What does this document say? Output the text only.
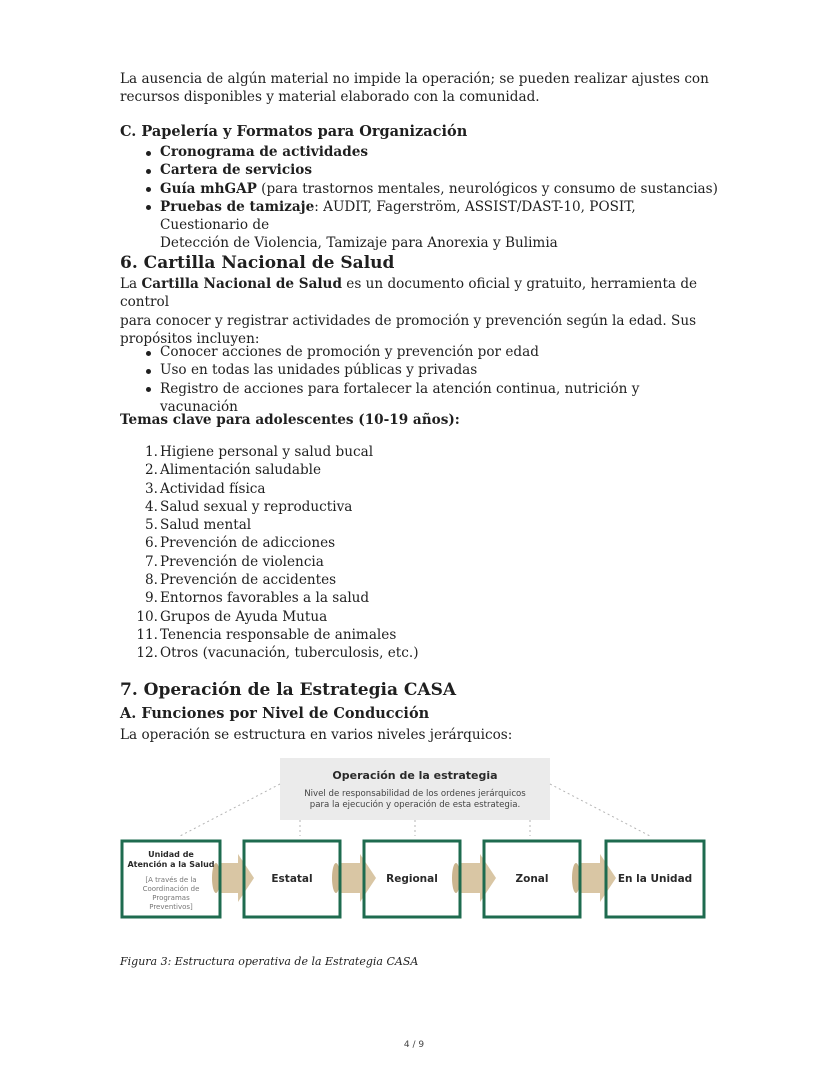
La ausencia de algún material no impide la operación; se pueden realizar ajustes con

recursos disponibles y material elaborado con la comunidad.

C. Papelería y Formatos para Organización
Cronograma de actividades
Cartera de servicios
Guía mhGAP (para trastornos mentales, neurológicos y consumo de sustancias)
Pruebas de tamizaje: AUDIT, Fagerström, ASSIST/DAST-10, POSIT, Cuestionario de
Detección de Violencia, Tamizaje para Anorexia y Bulimia
6. Cartilla Nacional de Salud

La Cartilla Nacional de Salud es un documento oficial y gratuito, herramienta de control

para conocer y registrar actividades de promoción y prevención según la edad. Sus

propósitos incluyen:

Conocer acciones de promoción y prevención por edad
Uso en todas las unidades públicas y privadas
Registro de acciones para fortalecer la atención continua, nutrición y vacunación
Temas clave para adolescentes (10-19 años):
1. Higiene personal y salud bucal
2. Alimentación saludable
3. Actividad física
4. Salud sexual y reproductiva
5. Salud mental
6. Prevención de adicciones
7. Prevención de violencia
8. Prevención de accidentes
9. Entornos favorables a la salud
10. Grupos de Ayuda Mutua
11. Tenencia responsable de animales
12. Otros (vacunación, tuberculosis, etc.)
7. Operación de la Estrategia CASA
A. Funciones por Nivel de Conducción
La operación se estructura en varios niveles jerárquicos:
Figura 3: Estructura operativa de la Estrategia CASA
Operación de la estrategia
Nivel de responsabilidad de los ordenes jerárquicos
para la ejecución y operación de esta estrategia.
Unidad de
Atención a la Salud
[A través de la
Coordinación de
Programas
Preventivos]
Estatal	Regional	Zonal	En la Unidad
4 / 9
